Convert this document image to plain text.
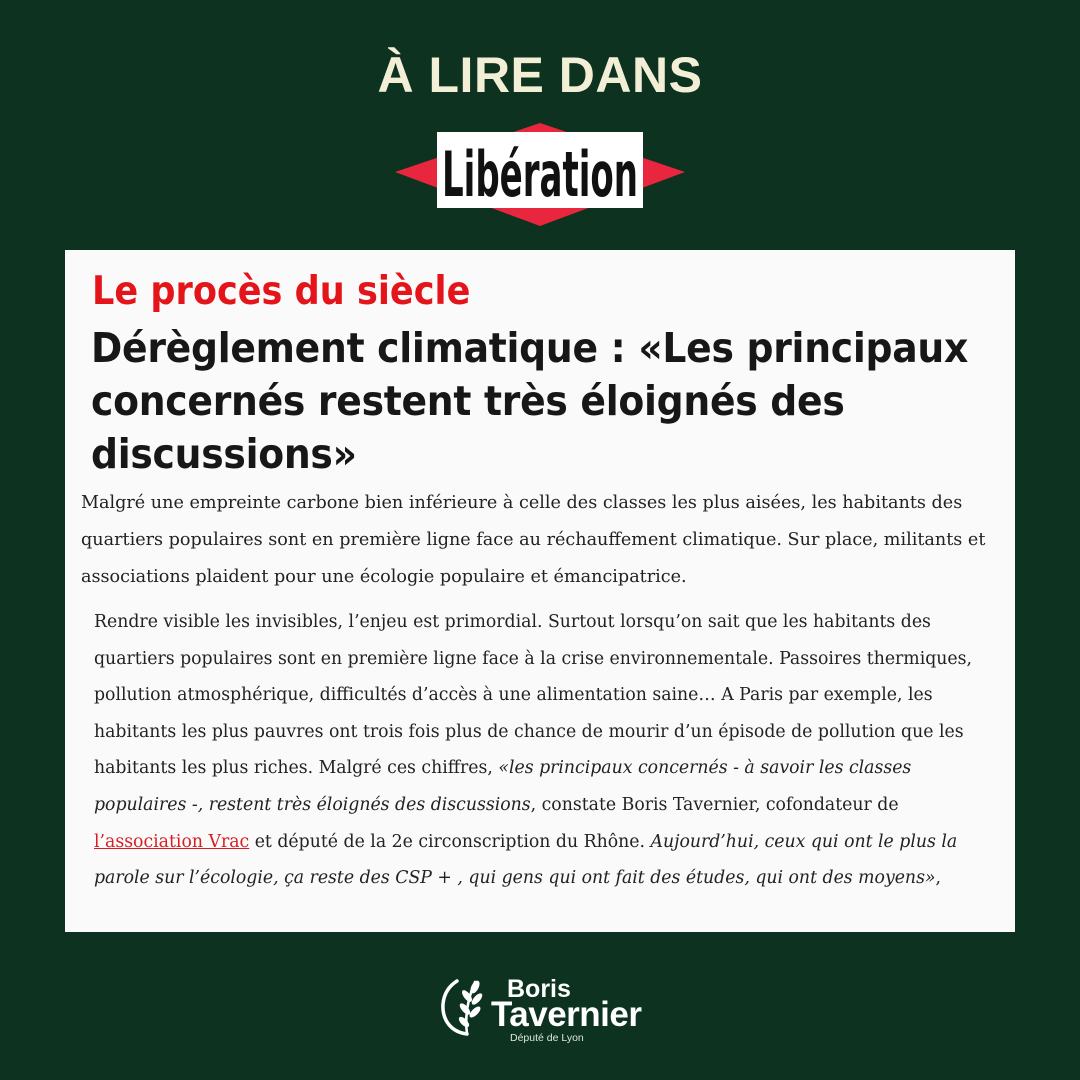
À LIRE DANS
Libération
Le procès du siècle
Dérèglement climatique : «Les principaux concernés restent très éloignés des discussions»

Malgré une empreinte carbone bien inférieure à celle des classes les plus aisées, les habitants des quartiers populaires sont en première ligne face au réchauffement climatique. Sur place, militants et associations plaident pour une écologie populaire et émancipatrice.

Rendre visible les invisibles, l’enjeu est primordial. Surtout lorsqu’on sait que les habitants des quartiers populaires sont en première ligne face à la crise environnementale. Passoires thermiques, pollution atmosphérique, difficultés d’accès à une alimentation saine… A Paris par exemple, les habitants les plus pauvres ont trois fois plus de chance de mourir d’un épisode de pollution que les habitants les plus riches. Malgré ces chiffres, «les principaux concernés - à savoir les classes populaires -, restent très éloignés des discussions, constate Boris Tavernier, cofondateur de l’association Vrac et député de la 2e circonscription du Rhône. Aujourd’hui, ceux qui ont le plus la parole sur l’écologie, ça reste des CSP + , qui gens qui ont fait des études, qui ont des moyens»,

Boris
Tavernier
Député de Lyon
